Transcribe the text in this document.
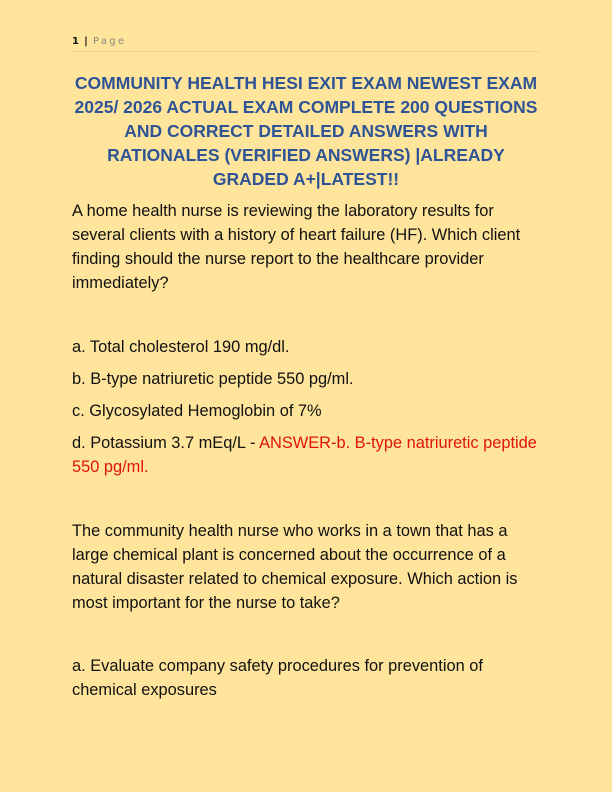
1 | Page
COMMUNITY HEALTH HESI EXIT EXAM NEWEST EXAM 2025/ 2026 ACTUAL EXAM COMPLETE 200 QUESTIONS AND CORRECT DETAILED ANSWERS WITH RATIONALES (VERIFIED ANSWERS) |ALREADY GRADED A+|LATEST!!
A home health nurse is reviewing the laboratory results for several clients with a history of heart failure (HF). Which client finding should the nurse report to the healthcare provider immediately?
a. Total cholesterol 190 mg/dl.
b. B-type natriuretic peptide 550 pg/ml.
c. Glycosylated Hemoglobin of 7%
d. Potassium 3.7 mEq/L - ANSWER-b. B-type natriuretic peptide 550 pg/ml.
The community health nurse who works in a town that has a large chemical plant is concerned about the occurrence of a natural disaster related to chemical exposure. Which action is most important for the nurse to take?
a. Evaluate company safety procedures for prevention of chemical exposures
